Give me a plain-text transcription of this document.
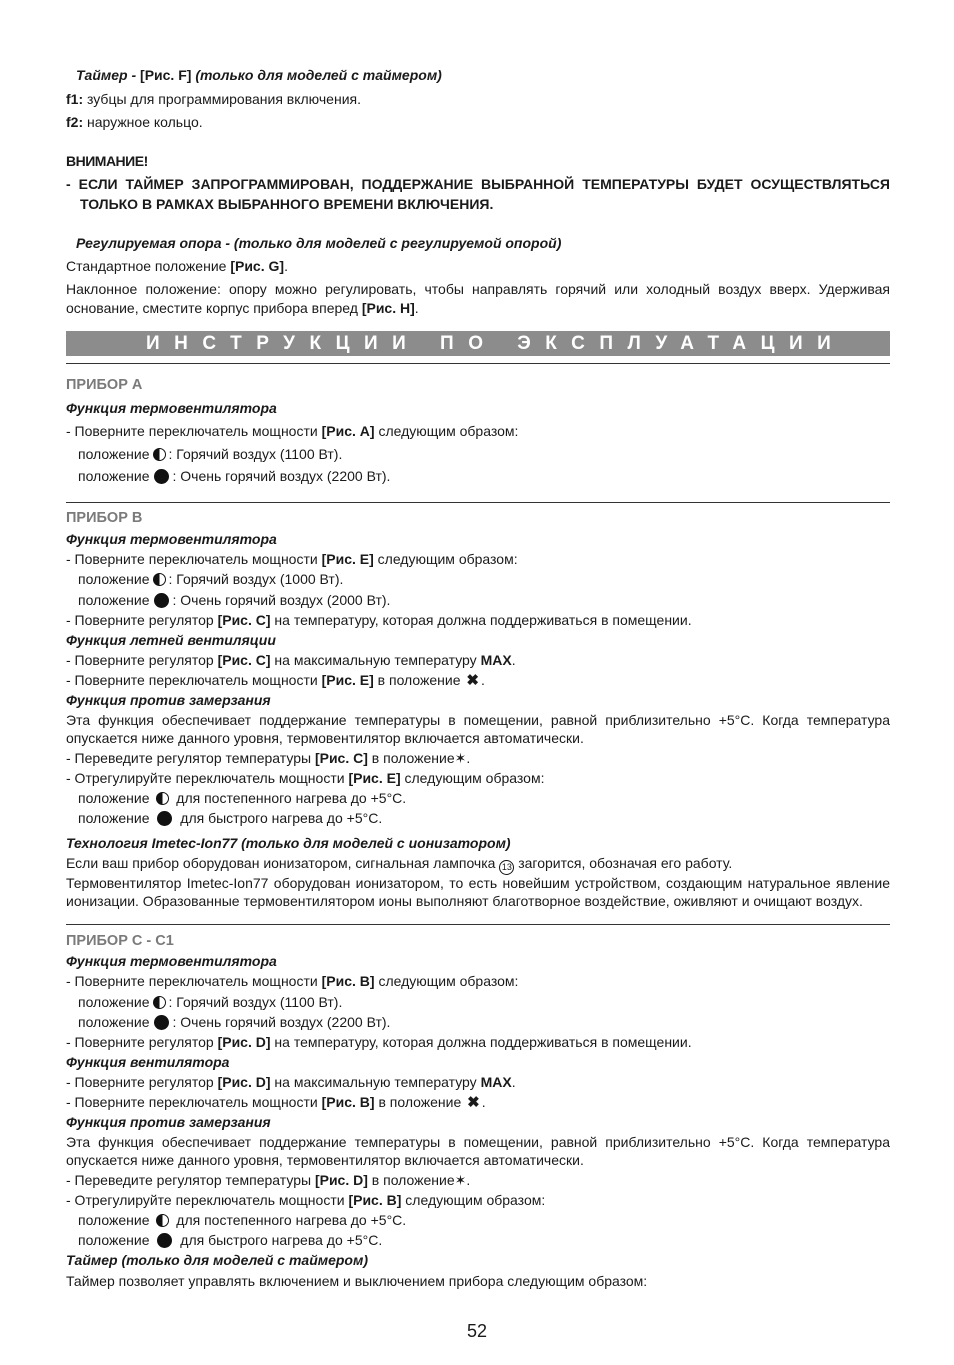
Таймер - [Рис. F] (только для моделей с таймером)
f1: зубцы для программирования включения.
f2: наружное кольцо.
ВНИМАНИЕ!
- ЕСЛИ ТАЙМЕР ЗАПРОГРАММИРОВАН, ПОДДЕРЖАНИЕ ВЫБРАННОЙ ТЕМПЕРАТУРЫ БУДЕТ ОСУЩЕСТВЛЯТЬСЯ
ТОЛЬКО В РАМКАХ ВЫБРАННОГО ВРЕМЕНИ ВКЛЮЧЕНИЯ.
Регулируемая опора - (только для моделей с регулируемой опорой)
Стандартное положение [Рис. G].
Наклонное положение: опору можно регулировать, чтобы направлять горячий или холодный воздух вверх. Удерживая
основание, сместите корпус прибора вперед [Рис. H].
ИНСТРУКЦИИ ПО ЭКСПЛУАТАЦИИ
ПРИБОР A
Функция термовентилятора
- Поверните переключатель мощности [Рис. A] следующим образом:
положение : Горячий воздух (1100 Вт).
положение : Очень горячий воздух (2200 Вт).
ПРИБОР B
Функция термовентилятора
- Поверните переключатель мощности [Рис. E] следующим образом:
положение : Горячий воздух (1000 Вт).
положение : Очень горячий воздух (2000 Вт).
- Поверните регулятор [Рис. C] на температуру, которая должна поддерживаться в помещении.
Функция летней вентиляции
- Поверните регулятор [Рис. C] на максимальную температуру MAX.
- Поверните переключатель мощности [Рис. E] в положение ✖ .
Функция против замерзания
Эта функция обеспечивает поддержание температуры в помещении, равной приблизительно +5°C. Когда температура
опускается ниже данного уровня, термовентилятор включается автоматически.
- Переведите регулятор температуры [Рис. C] в положение✶.
- Отрегулируйте переключатель мощности [Рис. E] следующим образом:
положение для постепенного нагрева до +5°C.
положение для быстрого нагрева до +5°C.
Технология Imetec-Ion77 (только для моделей с ионизатором)
Если ваш прибор оборудован ионизатором, сигнальная лампочка 13 загорится, обозначая его работу.
Термовентилятор Imetec-Ion77 оборудован ионизатором, то есть новейшим устройством, создающим натуральное явление
ионизации. Образованные термовентилятором ионы выполняют благотворное воздействие, оживляют и очищают воздух.
ПРИБОР C - C1
Функция термовентилятора
- Поверните переключатель мощности [Рис. B] следующим образом:
положение : Горячий воздух (1100 Вт).
положение : Очень горячий воздух (2200 Вт).
- Поверните регулятор [Рис. D] на температуру, которая должна поддерживаться в помещении.
Функция вентилятора
- Поверните регулятор [Рис. D] на максимальную температуру MAX.
- Поверните переключатель мощности [Рис. B] в положение ✖ .
Функция против замерзания
Эта функция обеспечивает поддержание температуры в помещении, равной приблизительно +5°C. Когда температура
опускается ниже данного уровня, термовентилятор включается автоматически.
- Переведите регулятор температуры [Рис. D] в положение✶.
- Отрегулируйте переключатель мощности [Рис. B] следующим образом:
положение для постепенного нагрева до +5°C.
положение для быстрого нагрева до +5°C.
Таймер (только для моделей с таймером)
Таймер позволяет управлять включением и выключением прибора следующим образом:
52
